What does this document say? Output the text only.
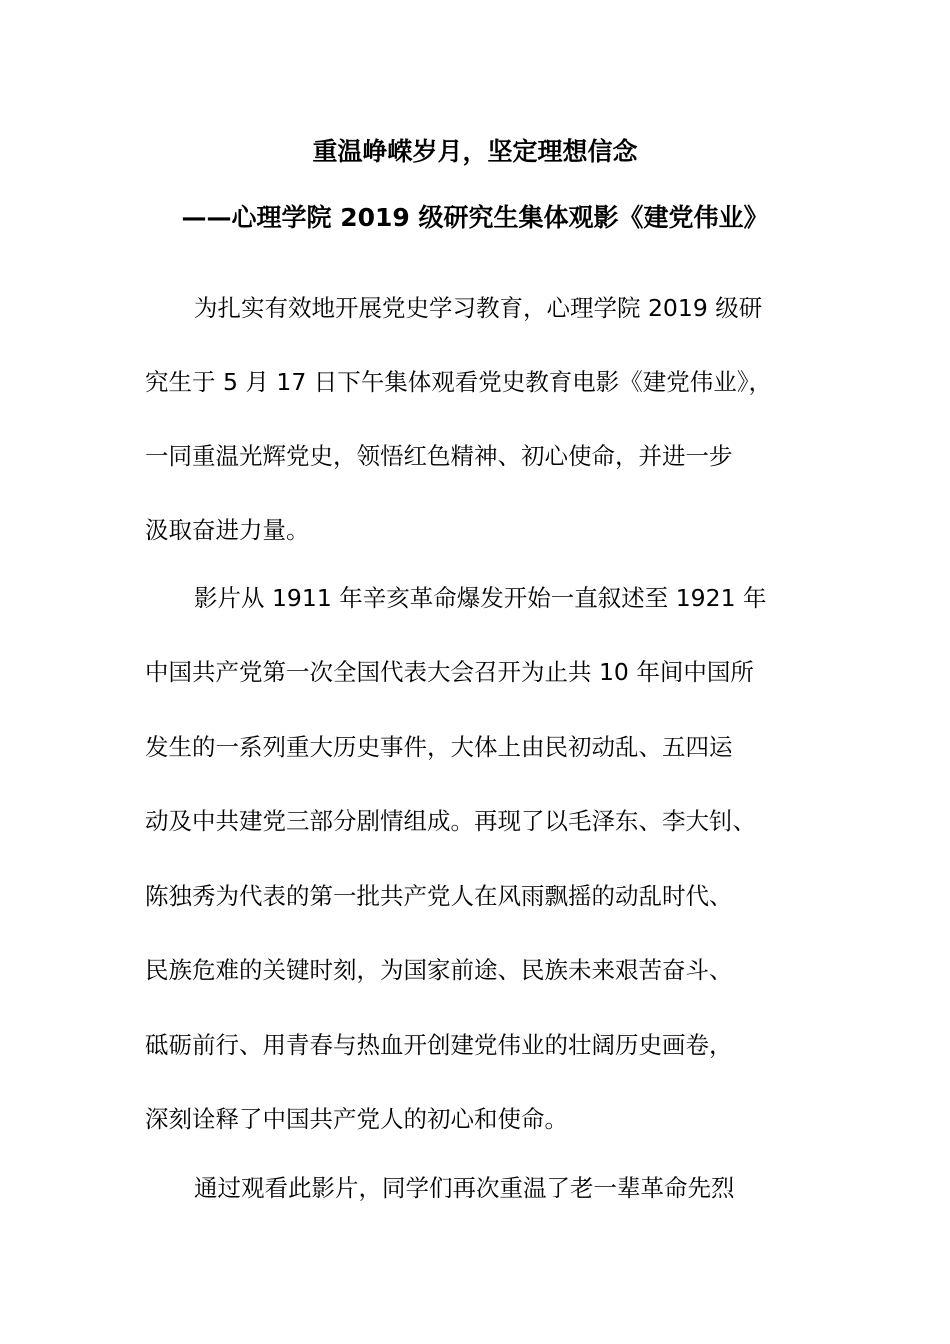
重温峥嵘岁月，坚定理想信念
——心理学院 2019 级研究生集体观影《建党伟业》
为扎实有效地开展党史学习教育，心理学院 2019 级研
究生于 5 月 17 日下午集体观看党史教育电影《建党伟业》，
一同重温光辉党史，领悟红色精神、初心使命，并进一步
汲取奋进力量。
影片从 1911 年辛亥革命爆发开始一直叙述至 1921 年
中国共产党第一次全国代表大会召开为止共 10 年间中国所
发生的一系列重大历史事件，大体上由民初动乱、五四运
动及中共建党三部分剧情组成。再现了以毛泽东、李大钊、
陈独秀为代表的第一批共产党人在风雨飘摇的动乱时代、
民族危难的关键时刻，为国家前途、民族未来艰苦奋斗、
砥砺前行、用青春与热血开创建党伟业的壮阔历史画卷，
深刻诠释了中国共产党人的初心和使命。
通过观看此影片，同学们再次重温了老一辈革命先烈
